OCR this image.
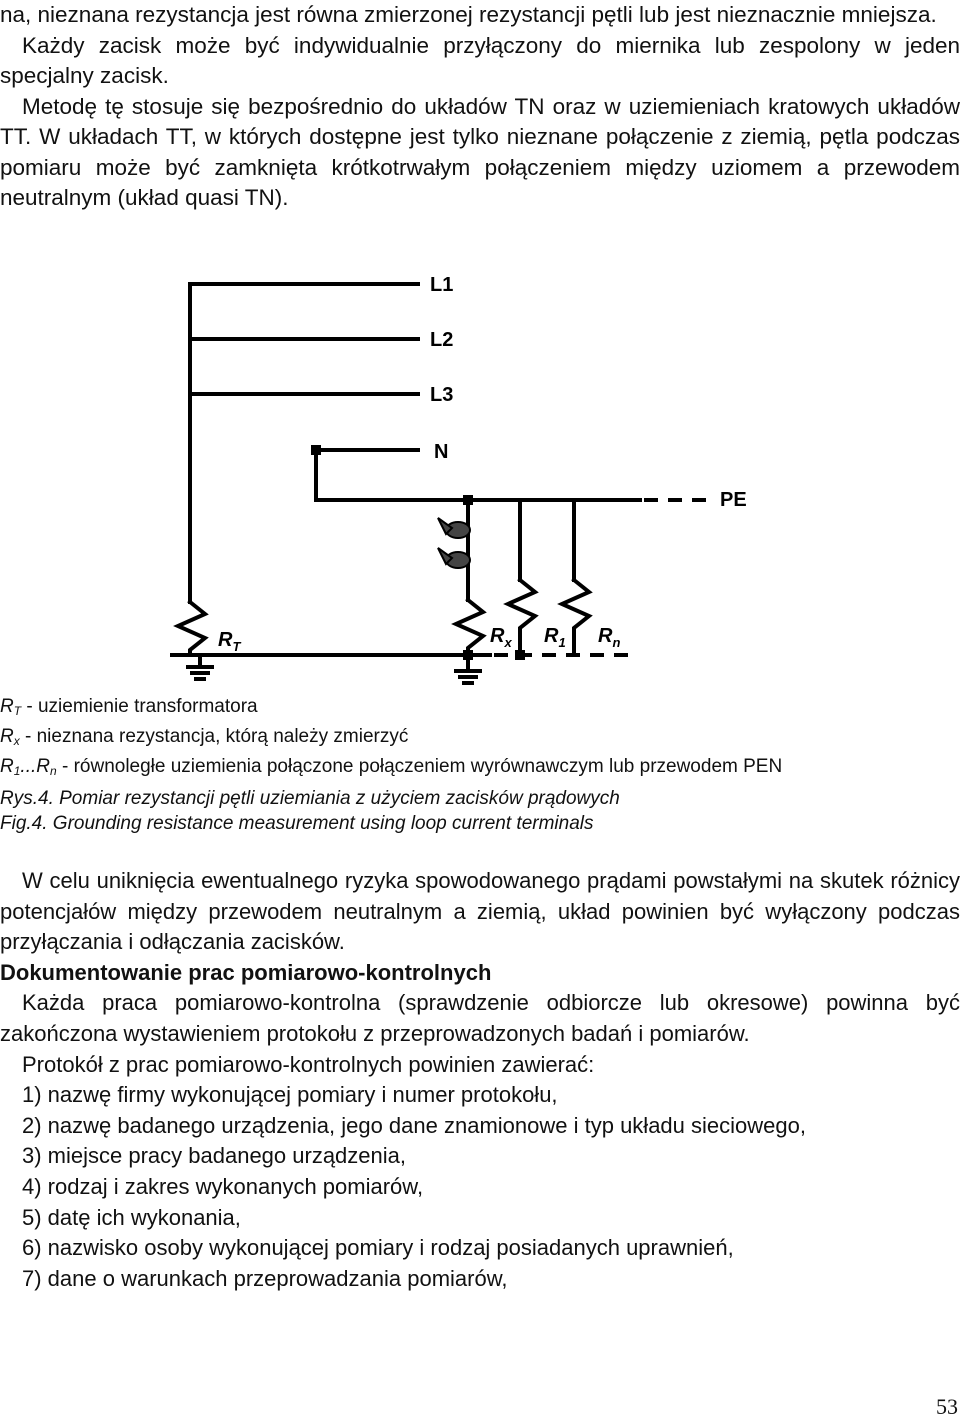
na, nieznana rezystancja jest równa zmierzonej rezystancji pętli lub jest nieznacznie mniejsza.

Każdy zacisk może być indywidualnie przyłączony do miernika lub zespolony w jeden specjalny zacisk.

Metodę tę stosuje się bezpośrednio do układów TN oraz w uziemieniach kratowych układów TT. W układach TT, w których dostępne jest tylko nieznane połączenie z ziemią, pętla podczas pomiaru może być zamknięta krótkotrwałym połączeniem między uziomem a przewodem neutralnym (układ quasi TN).

L1
L2
L3
N
PE
$R_T$	$R_x$ $R_1$ $R_n$
$R_T$ - uziemienie transformatora
$R_x$ - nieznana rezystancja, którą należy zmierzyć
$R_1...R_n$ - równoległe uziemienia połączone połączeniem wyrównawczym lub przewodem PEN
Rys.4. Pomiar rezystancji pętli uziemiania z użyciem zacisków prądowych
Fig.4. Grounding resistance measurement using loop current terminals

W celu uniknięcia ewentualnego ryzyka spowodowanego prądami powstałymi na skutek różnicy potencjałów między przewodem neutralnym a ziemią, układ powinien być wyłączony podczas przyłączania i odłączania zacisków.

Dokumentowanie prac pomiarowo-kontrolnych

Każda praca pomiarowo-kontrolna (sprawdzenie odbiorcze lub okresowe) powinna być zakończona wystawieniem protokołu z przeprowadzonych badań i pomiarów.

Protokół z prac pomiarowo-kontrolnych powinien zawierać:

1) nazwę firmy wykonującej pomiary i numer protokołu,

2) nazwę badanego urządzenia, jego dane znamionowe i typ układu sieciowego,

3) miejsce pracy badanego urządzenia,

4) rodzaj i zakres wykonanych pomiarów,

5) datę ich wykonania,

6) nazwisko osoby wykonującej pomiary i rodzaj posiadanych uprawnień,

7) dane o warunkach przeprowadzania pomiarów,

53
